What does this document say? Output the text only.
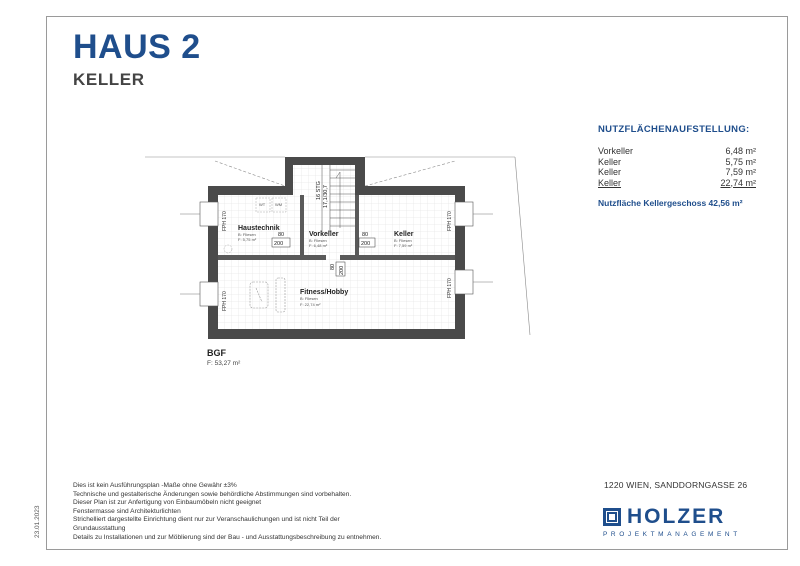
HAUS 2
KELLER
NUTZFLÄCHENAUFSTELLUNG:
Vorkeller	6,48 m²
Keller	5,75 m²
Keller	7,59 m²
Keller	22,74 m²
Nutzfläche Kellergeschoss 42,56 m²
16 STG 17,1/30,7
WT WM
FPH 170
FPH 170
FPH 170
FPH 170
80
200
80
200
80 200
Haustechnik
B: Fliesen
F: 5,75 m²
Vorkeller
B: Fliesen
F: 6,48 m²
Keller
B: Fliesen
F: 7,59 m²
Fitness/Hobby
B: Fliesen
F: 22,74 m²
BGF
F: 53,27 m²
Dies ist kein Ausführungsplan -Maße ohne Gewähr ±3%
Technische und gestalterische Änderungen sowie behördliche Abstimmungen sind vorbehalten.
Dieser Plan ist zur Anfertigung von Einbaumöbeln nicht geeignet
Fenstermasse sind Architekturlichten
Strichelliert dargestellte Einrichtung dient nur zur Veranschaulichungen und ist nicht Teil der
Grundausstattung
Details zu Installationen und zur Möblierung sind der Bau - und Ausstattungsbeschreibung zu entnehmen.
23.01.2023
1220 WIEN, SANDDORNGASSE 26
HOLZER
PROJEKTMANAGEMENT
